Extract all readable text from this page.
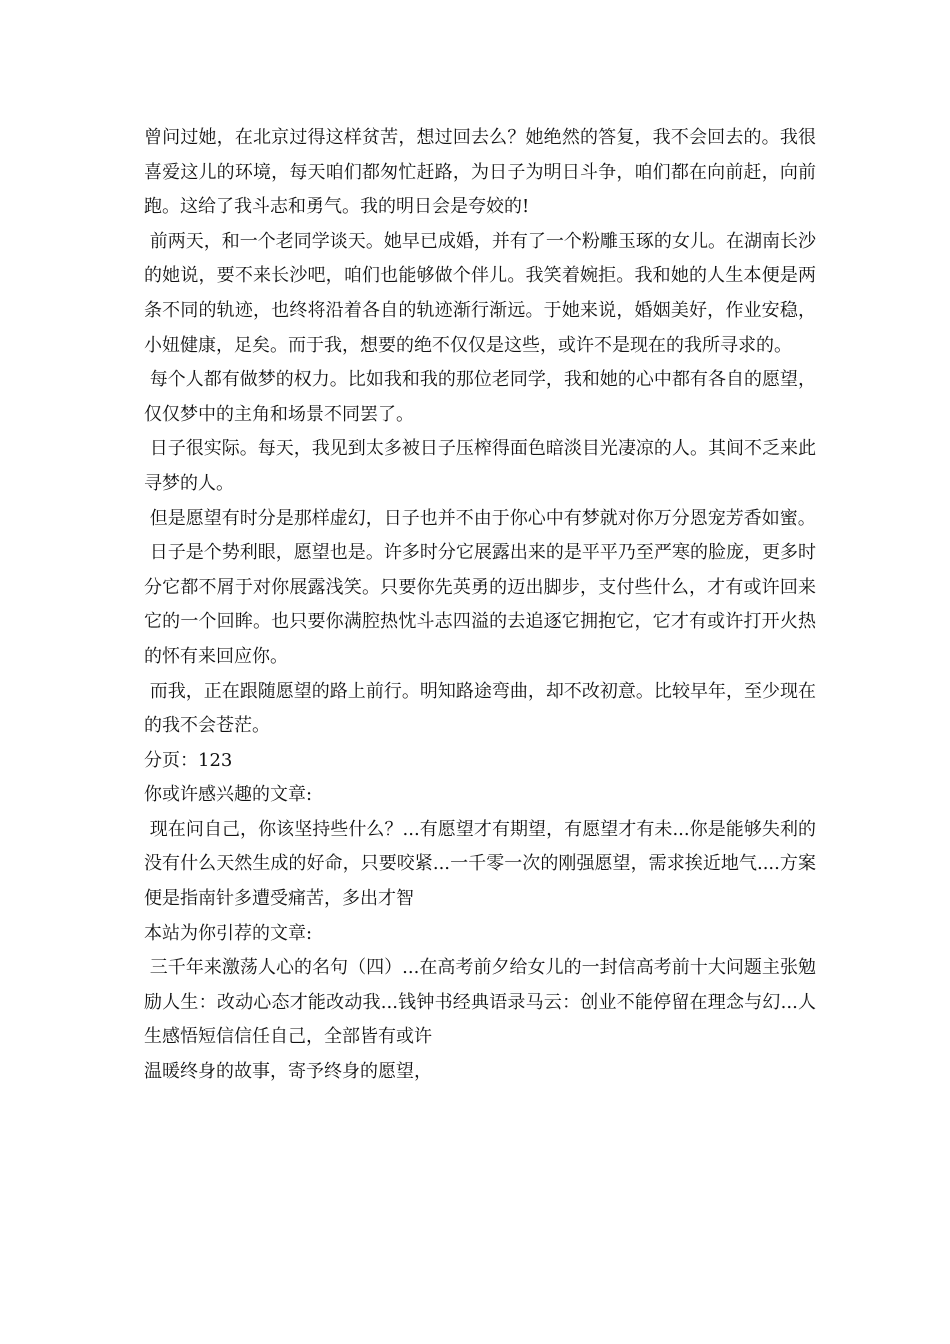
曾问过她，在北京过得这样贫苦，想过回去么？她绝然的答复，我不会回去的。我很喜爱这儿的环境，每天咱们都匆忙赶路，为日子为明日斗争，咱们都在向前赶，向前跑。这给了我斗志和勇气。我的明日会是夸姣的!

前两天，和一个老同学谈天。她早已成婚，并有了一个粉雕玉琢的女儿。在湖南长沙的她说，要不来长沙吧，咱们也能够做个伴儿。我笑着婉拒。我和她的人生本便是两条不同的轨迹，也终将沿着各自的轨迹渐行渐远。于她来说，婚姻美好，作业安稳，小妞健康，足矣。而于我，想要的绝不仅仅是这些，或许不是现在的我所寻求的。

每个人都有做梦的权力。比如我和我的那位老同学，我和她的心中都有各自的愿望，仅仅梦中的主角和场景不同罢了。

日子很实际。每天，我见到太多被日子压榨得面色暗淡目光凄凉的人。其间不乏来此寻梦的人。

但是愿望有时分是那样虚幻，日子也并不由于你心中有梦就对你万分恩宠芳香如蜜。

日子是个势利眼，愿望也是。许多时分它展露出来的是平平乃至严寒的脸庞，更多时分它都不屑于对你展露浅笑。只要你先英勇的迈出脚步，支付些什么，才有或许回来它的一个回眸。也只要你满腔热忱斗志四溢的去追逐它拥抱它，它才有或许打开火热的怀有来回应你。

而我，正在跟随愿望的路上前行。明知路途弯曲，却不改初意。比较早年，至少现在的我不会苍茫。

分页：123

你或许感兴趣的文章:

现在问自己，你该坚持些什么？...有愿望才有期望，有愿望才有未...你是能够失利的没有什么天然生成的好命，只要咬紧...一千零一次的刚强愿望，需求挨近地气....方案便是指南针多遭受痛苦，多出才智

本站为你引荐的文章:

三千年来激荡人心的名句（四）...在高考前夕给女儿的一封信高考前十大问题主张勉励人生：改动心态才能改动我...钱钟书经典语录马云：创业不能停留在理念与幻...人生感悟短信信任自己，全部皆有或许

温暖终身的故事，寄予终身的愿望，
